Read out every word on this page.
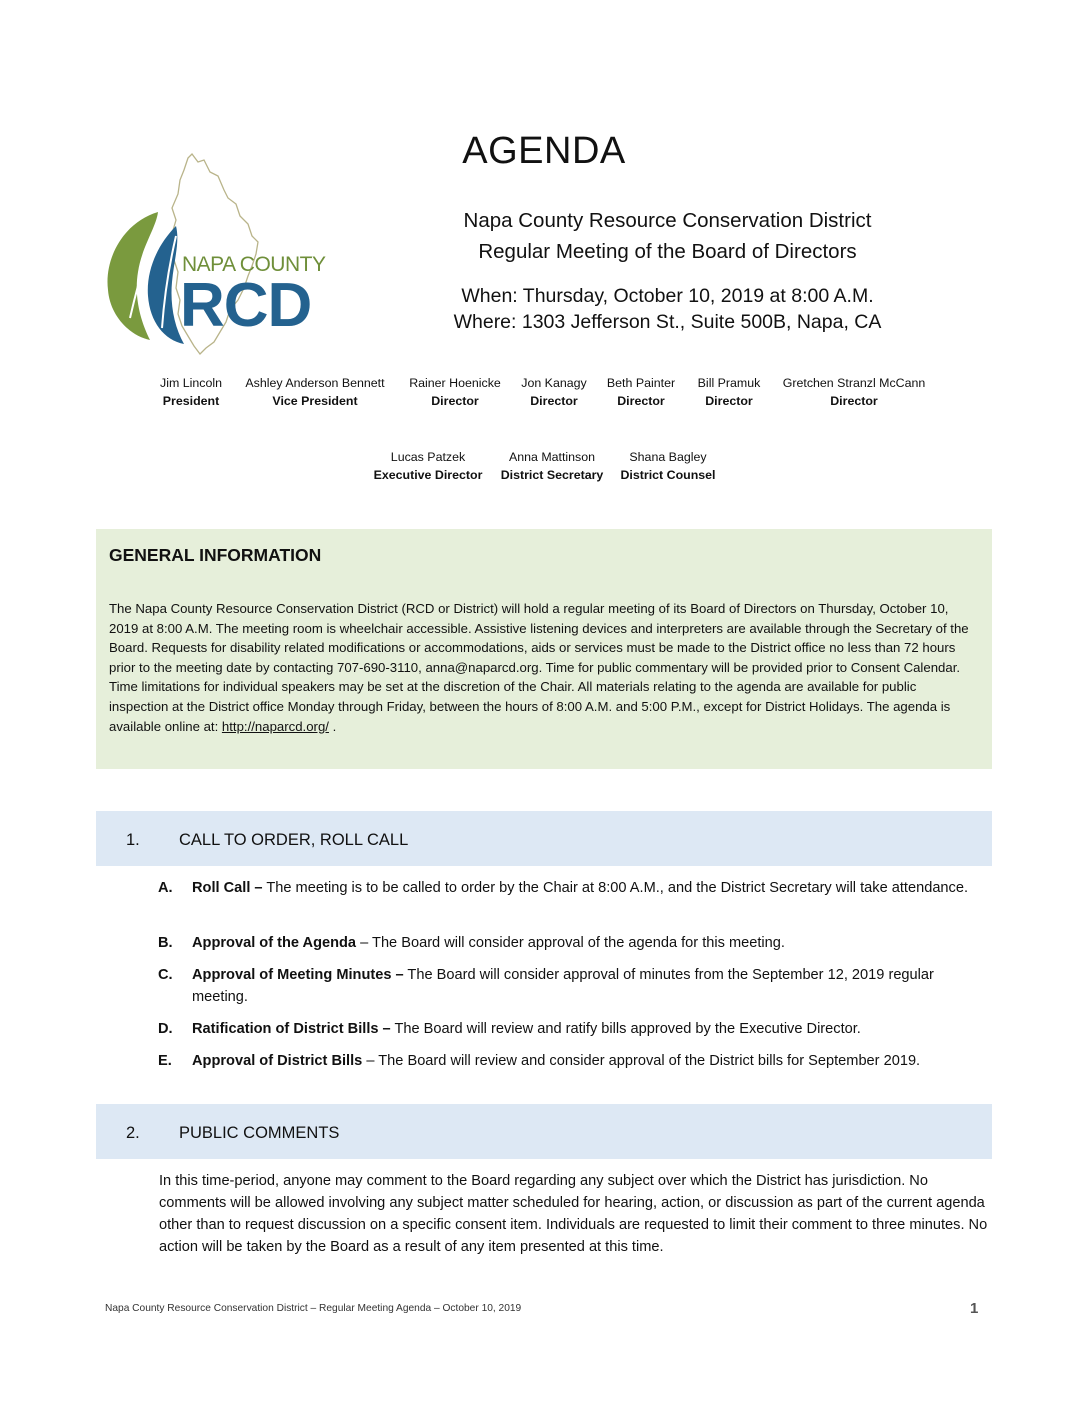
NAPA COUNTY
RCD
AGENDA
Napa County Resource Conservation District
Regular Meeting of the Board of Directors
When: Thursday, October 10, 2019 at 8:00 A.M.
Where: 1303 Jefferson St., Suite 500B, Napa, CA
Jim Lincoln
President
Ashley Anderson Bennett
Vice President
Rainer Hoenicke
Director
Jon Kanagy
Director
Beth Painter
Director
Bill Pramuk
Director
Gretchen Stranzl McCann
Director
Lucas Patzek
Executive Director
Anna Mattinson
District Secretary
Shana Bagley
District Counsel
GENERAL INFORMATION
The Napa County Resource Conservation District (RCD or District) will hold a regular meeting of its Board of Directors on Thursday, October 10, 2019 at 8:00 A.M. The meeting room is wheelchair accessible. Assistive listening devices and interpreters are available through the Secretary of the Board. Requests for disability related modifications or accommodations, aids or services must be made to the District office no less than 72 hours prior to the meeting date by contacting 707-690-3110, anna@naparcd.org. Time for public commentary will be provided prior to Consent Calendar. Time limitations for individual speakers may be set at the discretion of the Chair. All materials relating to the agenda are available for public inspection at the District office Monday through Friday, between the hours of 8:00 A.M. and 5:00 P.M., except for District Holidays. The agenda is available online at: http://naparcd.org/ .
1. CALL TO ORDER, ROLL CALL
A. Roll Call – The meeting is to be called to order by the Chair at 8:00 A.M., and the District Secretary will take attendance.
B. Approval of the Agenda – The Board will consider approval of the agenda for this meeting.
C. Approval of Meeting Minutes – The Board will consider approval of minutes from the September 12, 2019 regular meeting.
D. Ratification of District Bills – The Board will review and ratify bills approved by the Executive Director.
E. Approval of District Bills – The Board will review and consider approval of the District bills for September 2019.
2. PUBLIC COMMENTS
In this time-period, anyone may comment to the Board regarding any subject over which the District has jurisdiction. No comments will be allowed involving any subject matter scheduled for hearing, action, or discussion as part of the current agenda other than to request discussion on a specific consent item. Individuals are requested to limit their comment to three minutes. No action will be taken by the Board as a result of any item presented at this time.
Napa County Resource Conservation District – Regular Meeting Agenda – October 10, 2019	1
